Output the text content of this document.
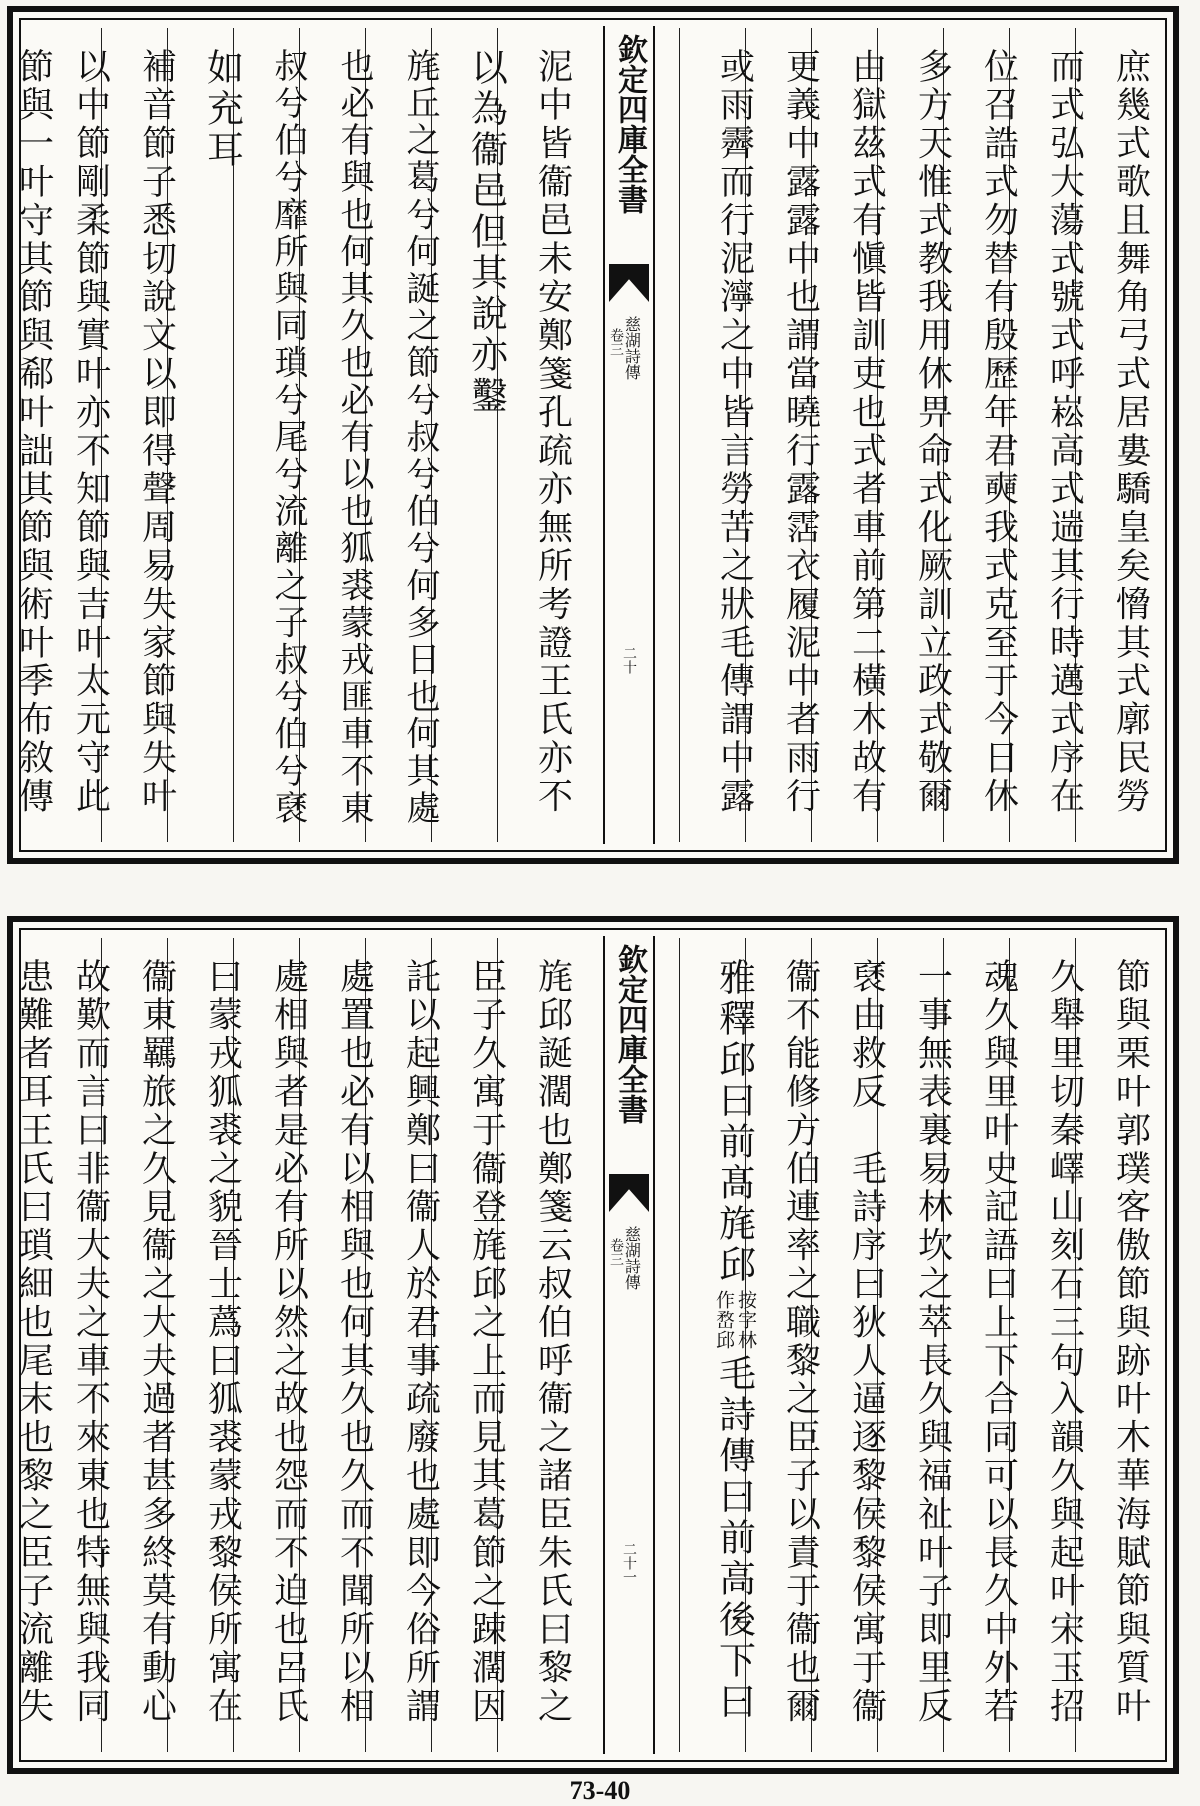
庶幾式歌且舞角弓式居婁驕皇矣愶其式廓民勞
而式弘大蕩式號式呼崧高式遄其行時邁式序在
位召誥式勿替有殷歷年君奭我式克至于今日休
多方天惟式教我用休畀命式化厥訓立政式敬爾
由獄茲式有愼皆訓吏也式者車前第二橫木故有
更義中露露中也謂當曉行露霑衣履泥中者雨行
或雨霽而行泥濘之中皆言勞苦之狀毛傳謂中露
欽定四庫全書
慈湖詩傳
卷三
二十
泥中皆衞邑未安鄭箋孔疏亦無所考證王氏亦不
以為衞邑但其說亦鑿
旄丘之葛兮何誕之節兮叔兮伯兮何多日也何其處
也必有與也何其久也必有以也狐裘蒙戎匪車不東
叔兮伯兮靡所與同瑣兮尾兮流離之子叔兮伯兮褎
如充耳
補音節子悉切說文以即得聲周易失家節與失叶
以中節剛柔節與實叶亦不知節與吉叶太元守此
節與一叶守其節與郗叶詘其節與術叶季布敘傳
節與栗叶郭璞客傲節與跡叶木華海賦節與質叶
久舉里切秦嶧山刻石三句入韻久與起叶宋玉招
魂久與里叶史記語曰上下合同可以長久中外若
一事無表裏易林坎之萃長久與福祉叶子即里反
褎由救反　毛詩序曰狄人逼逐黎侯黎侯寓于衞
衞不能修方伯連率之職黎之臣子以責于衞也爾
雅釋邱曰前髙旄邱
按字林
作嵍邱
毛詩傳曰前高後下曰
欽定四庫全書
慈湖詩傳
卷三
二十一
旄邱誕濶也鄭箋云叔伯呼衞之諸臣朱氏曰黎之
臣子久寓于衞登旄邱之上而見其葛節之踈濶因
託以起興鄭曰衞人於君事疏廢也處即今俗所謂
處置也必有以相與也何其久也久而不聞所以相
處相與者是必有所以然之故也怨而不迫也呂氏
曰蒙戎狐裘之貌晉士蔿曰狐裘蒙戎黎侯所寓在
衞東羈旅之久見衞之大夫過者甚多終莫有動心
故歎而言曰非衞大夫之車不來東也特無與我同
患難者耳王氏曰瑣細也尾末也黎之臣子流離失
73-40
